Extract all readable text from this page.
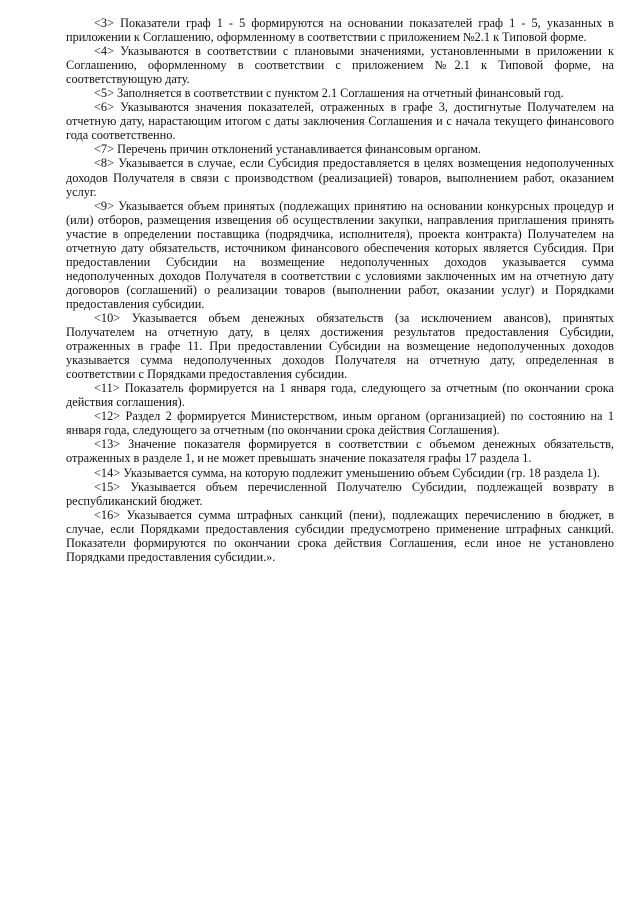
<3> Показатели граф 1 - 5 формируются на основании показателей граф 1 - 5, указанных в приложении к Соглашению, оформленному в соответствии с приложением №2.1 к Типовой форме.

<4> Указываются в соответствии с плановыми значениями, установленными в приложении к Соглашению, оформленному в соответствии с приложением №2.1 к Типовой форме, на соответствующую дату.

<5> Заполняется в соответствии с пунктом 2.1 Соглашения на отчетный финансовый год.

<6> Указываются значения показателей, отраженных в графе 3, достигнутые Получателем на отчетную дату, нарастающим итогом с даты заключения Соглашения и с начала текущего финансового года соответственно.

<7> Перечень причин отклонений устанавливается финансовым органом.

<8> Указывается в случае, если Субсидия предоставляется в целях возмещения недополученных доходов Получателя в связи с производством (реализацией) товаров, выполнением работ, оказанием услуг.

<9> Указывается объем принятых (подлежащих принятию на основании конкурсных процедур и (или) отборов, размещения извещения об осуществлении закупки, направления приглашения принять участие в определении поставщика (подрядчика, исполнителя), проекта контракта) Получателем на отчетную дату обязательств, источником финансового обеспечения которых является Субсидия. При предоставлении Субсидии на возмещение недополученных доходов указывается сумма недополученных доходов Получателя в соответствии с условиями заключенных им на отчетную дату договоров (соглашений) о реализации товаров (выполнении работ, оказании услуг) и Порядками предоставления субсидии.

<10> Указывается объем денежных обязательств (за исключением авансов), принятых Получателем на отчетную дату, в целях достижения результатов предоставления Субсидии, отраженных в графе 11. При предоставлении Субсидии на возмещение недополученных доходов указывается сумма недополученных доходов Получателя на отчетную дату, определенная в соответствии с Порядками предоставления субсидии.

<11> Показатель формируется на 1 января года, следующего за отчетным (по окончании срока действия соглашения).

<12> Раздел 2 формируется Министерством, иным органом (организацией) по состоянию на 1 января года, следующего за отчетным (по окончании срока действия Соглашения).

<13> Значение показателя формируется в соответствии с объемом денежных обязательств, отраженных в разделе 1, и не может превышать значение показателя графы 17 раздела 1.

<14> Указывается сумма, на которую подлежит уменьшению объем Субсидии (гр. 18 раздела 1).

<15> Указывается объем перечисленной Получателю Субсидии, подлежащей возврату в республиканский бюджет.

<16> Указывается сумма штрафных санкций (пени), подлежащих перечислению в бюджет, в случае, если Порядками предоставления субсидии предусмотрено применение штрафных санкций. Показатели формируются по окончании срока действия Соглашения, если иное не установлено Порядками предоставления субсидии.».
